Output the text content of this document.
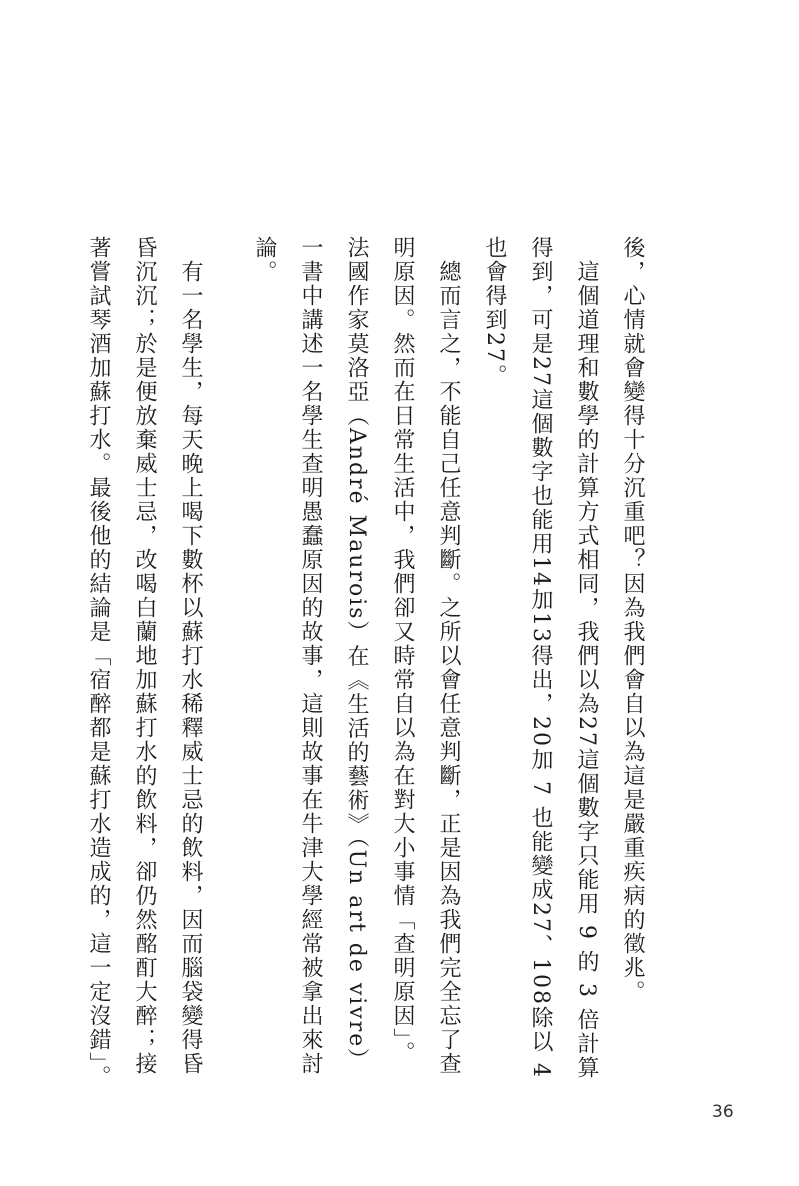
後，心情就會變得十分沉重吧？因為我們會自以為這是嚴重疾病的徵兆。

　這個道理和數學的計算方式相同，我們以為27這個數字只能用 9 的 3 倍計算得到，可是27這個數字也能用14加13得出，20加 7 也能變成27、108除以 4 也會得到27。

　總而言之，不能自己任意判斷。之所以會任意判斷，正是因為我們完全忘了查明原因。然而在日常生活中，我們卻又時常自以為在對大小事情「查明原因」。

法國作家莫洛亞（André Maurois）在《生活的藝術》（Un art de vivre）一書中講述一名學生查明愚蠢原因的故事，這則故事在牛津大學經常被拿出來討論。

　有一名學生，每天晚上喝下數杯以蘇打水稀釋威士忌的飲料，因而腦袋變得昏昏沉沉；於是便放棄威士忌，改喝白蘭地加蘇打水的飲料，卻仍然酩酊大醉；接著嘗試琴酒加蘇打水。最後他的結論是「宿醉都是蘇打水造成的，這一定沒錯」。

36
